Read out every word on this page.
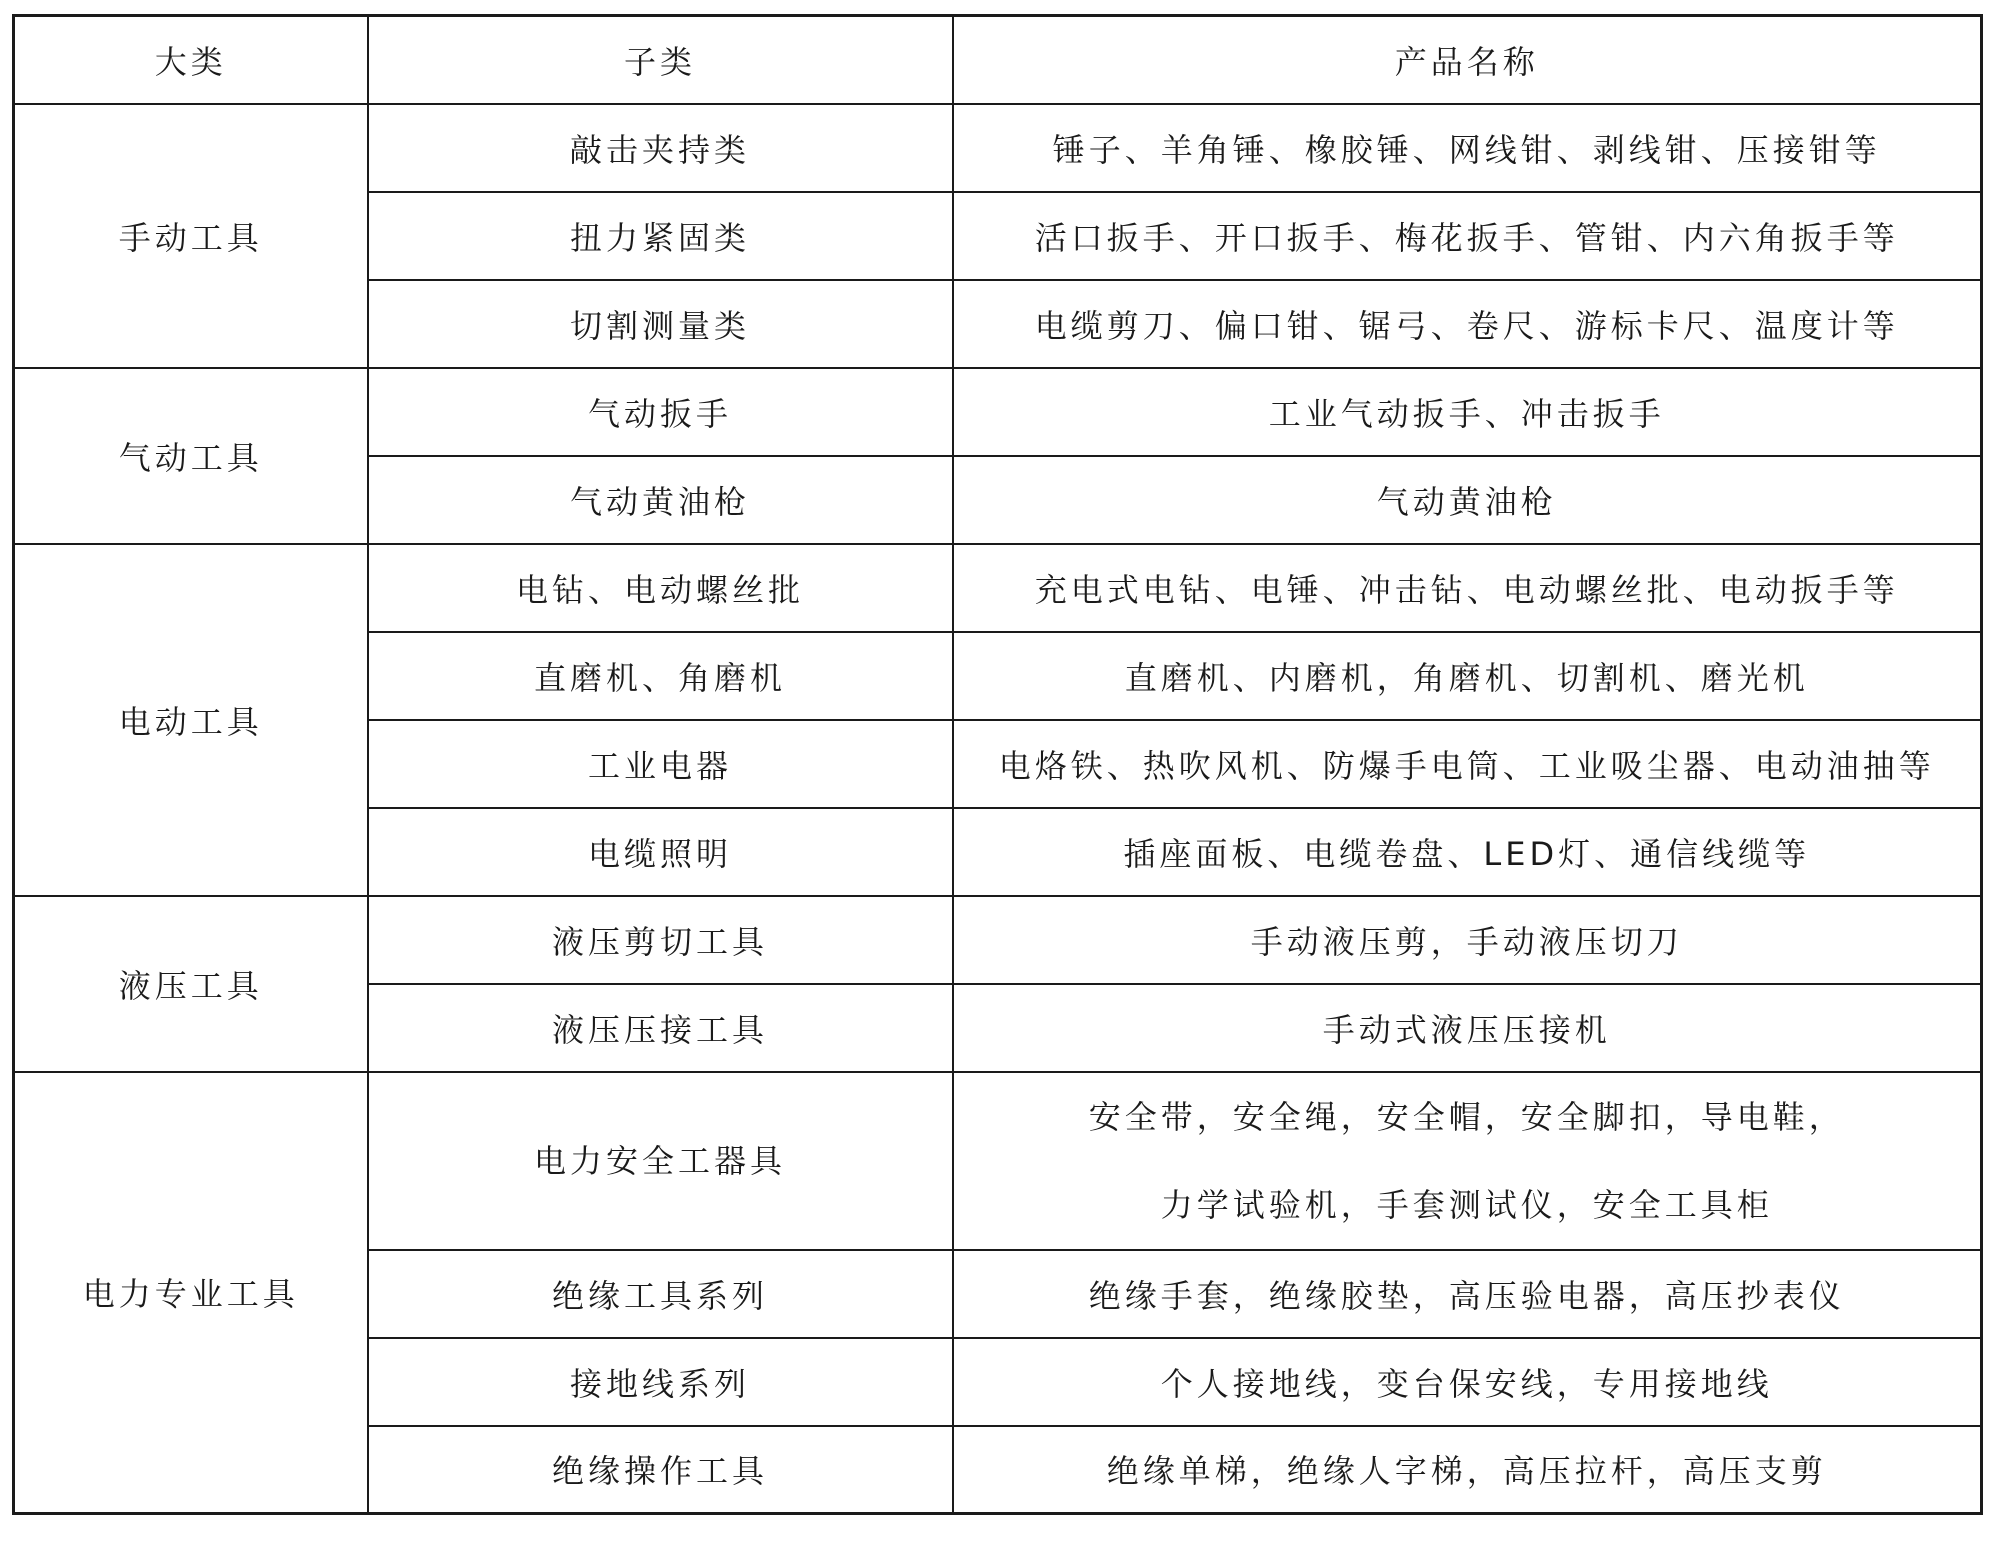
大类	子类	产品名称
手动工具	敲击夹持类	锤子、羊角锤、橡胶锤、网线钳、剥线钳、压接钳等
	扭力紧固类	活口扳手、开口扳手、梅花扳手、管钳、内六角扳手等
	切割测量类	电缆剪刀、偏口钳、锯弓、卷尺、游标卡尺、温度计等
气动工具	气动扳手	工业气动扳手、冲击扳手
	气动黄油枪	气动黄油枪
电动工具	电钻、电动螺丝批	充电式电钻、电锤、冲击钻、电动螺丝批、电动扳手等
	直磨机、角磨机	直磨机、内磨机，角磨机、切割机、磨光机
	工业电器	电烙铁、热吹风机、防爆手电筒、工业吸尘器、电动油抽等
	电缆照明	插座面板、电缆卷盘、LED灯、通信线缆等
液压工具	液压剪切工具	手动液压剪，手动液压切刀
	液压压接工具	手动式液压压接机
电力专业工具	电力安全工器具	安全带，安全绳，安全帽，安全脚扣，导电鞋，
力学试验机，手套测试仪，安全工具柜

	绝缘工具系列	绝缘手套，绝缘胶垫，高压验电器，高压抄表仪
	接地线系列	个人接地线，变台保安线，专用接地线
	绝缘操作工具	绝缘单梯，绝缘人字梯，高压拉杆，高压支剪
